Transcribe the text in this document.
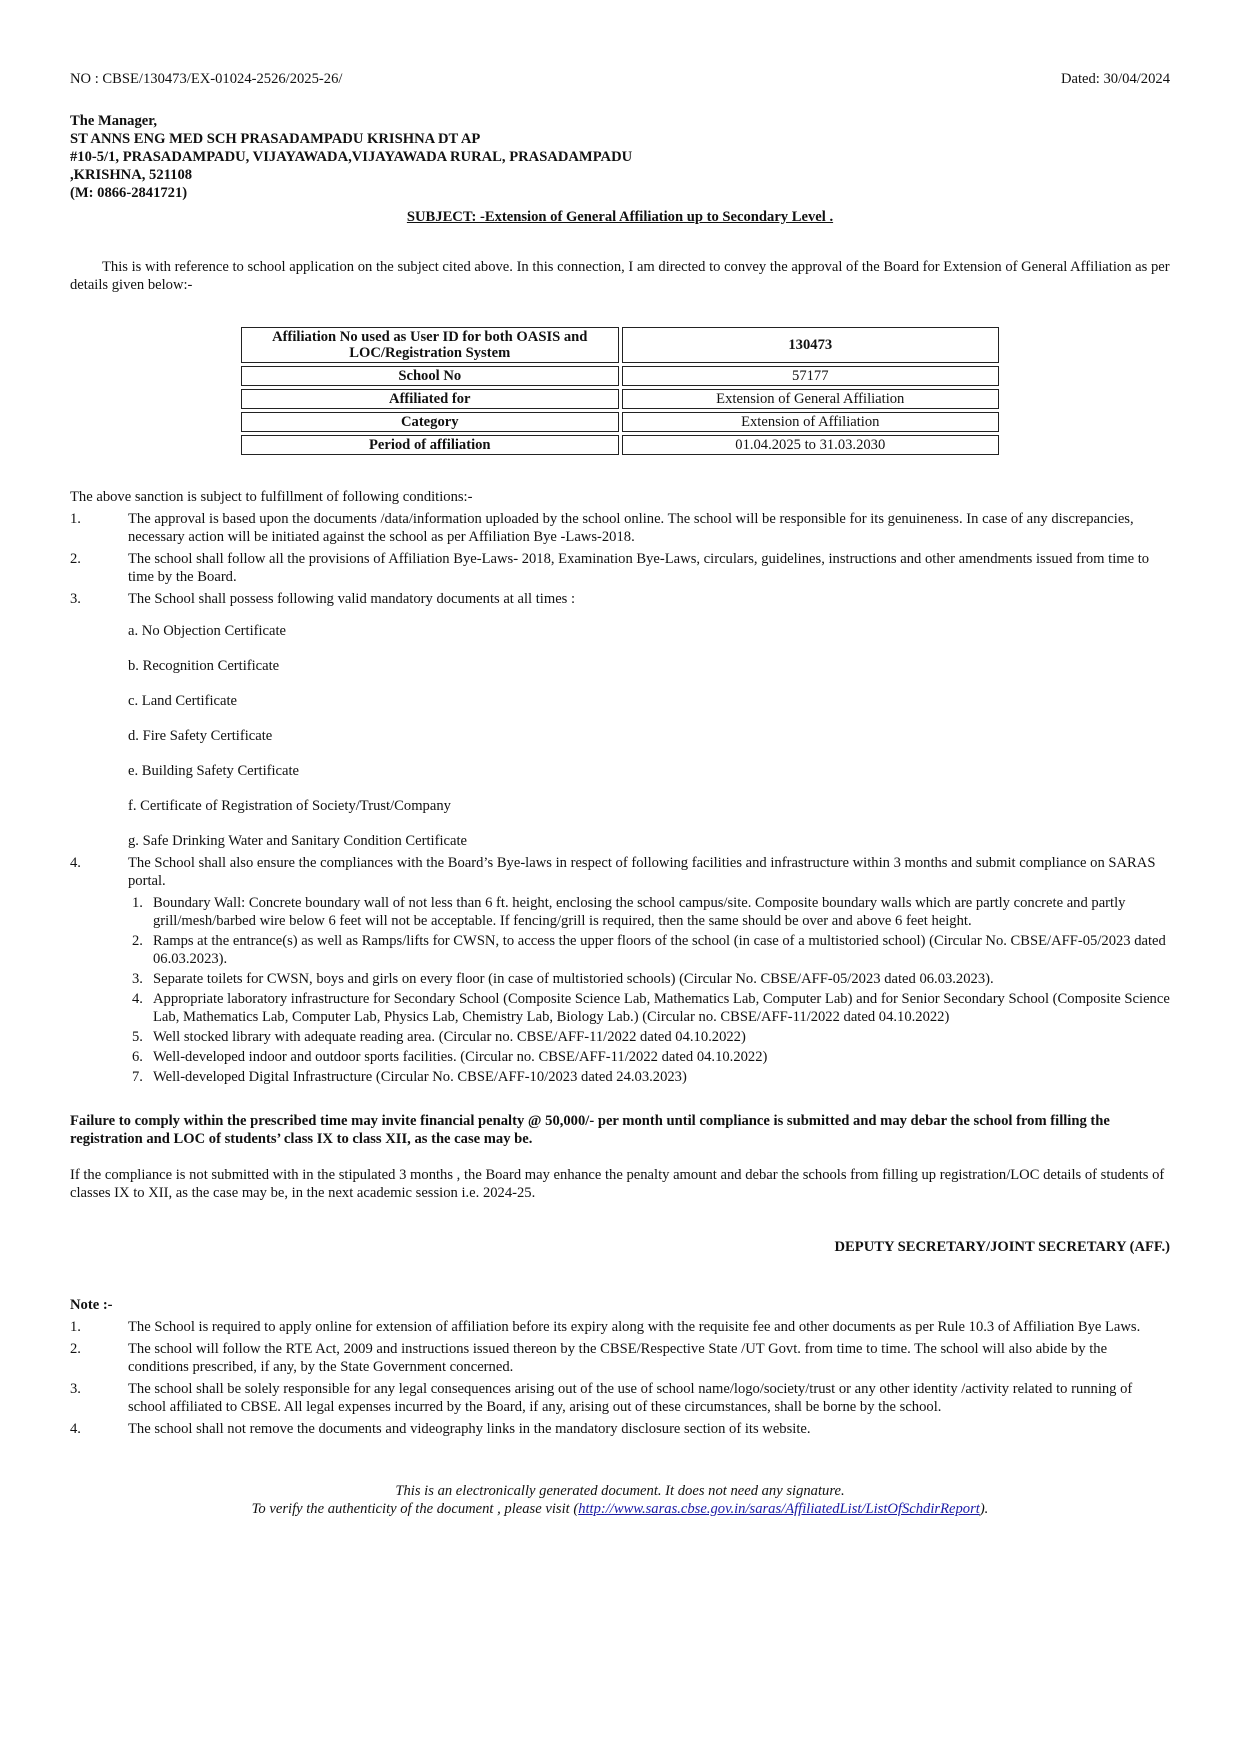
NO : CBSE/130473/EX-01024-2526/2025-26/	Dated: 30/04/2024
The Manager,
ST ANNS ENG MED SCH PRASADAMPADU KRISHNA DT AP
#10-5/1, PRASADAMPADU, VIJAYAWADA,VIJAYAWADA RURAL, PRASADAMPADU
,KRISHNA, 521108
(M: 0866-2841721)
SUBJECT: -Extension of General Affiliation up to Secondary Level .
This is with reference to school application on the subject cited above. In this connection, I am directed to convey the approval of the Board for Extension of General Affiliation as per details given below:-
Affiliation No used as User ID for both OASIS and LOC/Registration System	130473
School No	57177
Affiliated for	Extension of General Affiliation
Category	Extension of Affiliation
Period of affiliation	01.04.2025 to 31.03.2030
The above sanction is subject to fulfillment of following conditions:-
1.	The approval is based upon the documents /data/information uploaded by the school online. The school will be responsible for its genuineness. In case of any discrepancies, necessary action will be initiated against the school as per Affiliation Bye -Laws-2018.
2.	The school shall follow all the provisions of Affiliation Bye-Laws- 2018, Examination Bye-Laws, circulars, guidelines, instructions and other amendments issued from time to time by the Board.
3.	The School shall possess following valid mandatory documents at all times :
a. No Objection Certificate
b. Recognition Certificate
c. Land Certificate
d. Fire Safety Certificate
e. Building Safety Certificate
f. Certificate of Registration of Society/Trust/Company
g. Safe Drinking Water and Sanitary Condition Certificate
4.	The School shall also ensure the compliances with the Board’s Bye-laws in respect of following facilities and infrastructure within 3 months and submit compliance on SARAS portal.
1. Boundary Wall: Concrete boundary wall of not less than 6 ft. height, enclosing the school campus/site. Composite boundary walls which are partly concrete and partly grill/mesh/barbed wire below 6 feet will not be acceptable. If fencing/grill is required, then the same should be over and above 6 feet height.
2. Ramps at the entrance(s) as well as Ramps/lifts for CWSN, to access the upper floors of the school (in case of a multistoried school) (Circular No. CBSE/AFF-05/2023 dated 06.03.2023).
3. Separate toilets for CWSN, boys and girls on every floor (in case of multistoried schools) (Circular No. CBSE/AFF-05/2023 dated 06.03.2023).
4. Appropriate laboratory infrastructure for Secondary School (Composite Science Lab, Mathematics Lab, Computer Lab) and for Senior Secondary School (Composite Science Lab, Mathematics Lab, Computer Lab, Physics Lab, Chemistry Lab, Biology Lab.) (Circular no. CBSE/AFF-11/2022 dated 04.10.2022)
5. Well stocked library with adequate reading area. (Circular no. CBSE/AFF-11/2022 dated 04.10.2022)
6. Well-developed indoor and outdoor sports facilities. (Circular no. CBSE/AFF-11/2022 dated 04.10.2022)
7. Well-developed Digital Infrastructure (Circular No. CBSE/AFF-10/2023 dated 24.03.2023)
Failure to comply within the prescribed time may invite financial penalty @ 50,000/- per month until compliance is submitted and may debar the school from filling the registration and LOC of students’ class IX to class XII, as the case may be.
If the compliance is not submitted with in the stipulated 3 months , the Board may enhance the penalty amount and debar the schools from filling up registration/LOC details of students of classes IX to XII, as the case may be, in the next academic session i.e. 2024-25.
DEPUTY SECRETARY/JOINT SECRETARY (AFF.)
Note :-
1.	The School is required to apply online for extension of affiliation before its expiry along with the requisite fee and other documents as per Rule 10.3 of Affiliation Bye Laws.
2.	The school will follow the RTE Act, 2009 and instructions issued thereon by the CBSE/Respective State /UT Govt. from time to time. The school will also abide by the conditions prescribed, if any, by the State Government concerned.
3.	The school shall be solely responsible for any legal consequences arising out of the use of school name/logo/society/trust or any other identity /activity related to running of school affiliated to CBSE. All legal expenses incurred by the Board, if any, arising out of these circumstances, shall be borne by the school.
4.	The school shall not remove the documents and videography links in the mandatory disclosure section of its website.
This is an electronically generated document. It does not need any signature.
To verify the authenticity of the document , please visit (http://www.saras.cbse.gov.in/saras/AffiliatedList/ListOfSchdirReport).
